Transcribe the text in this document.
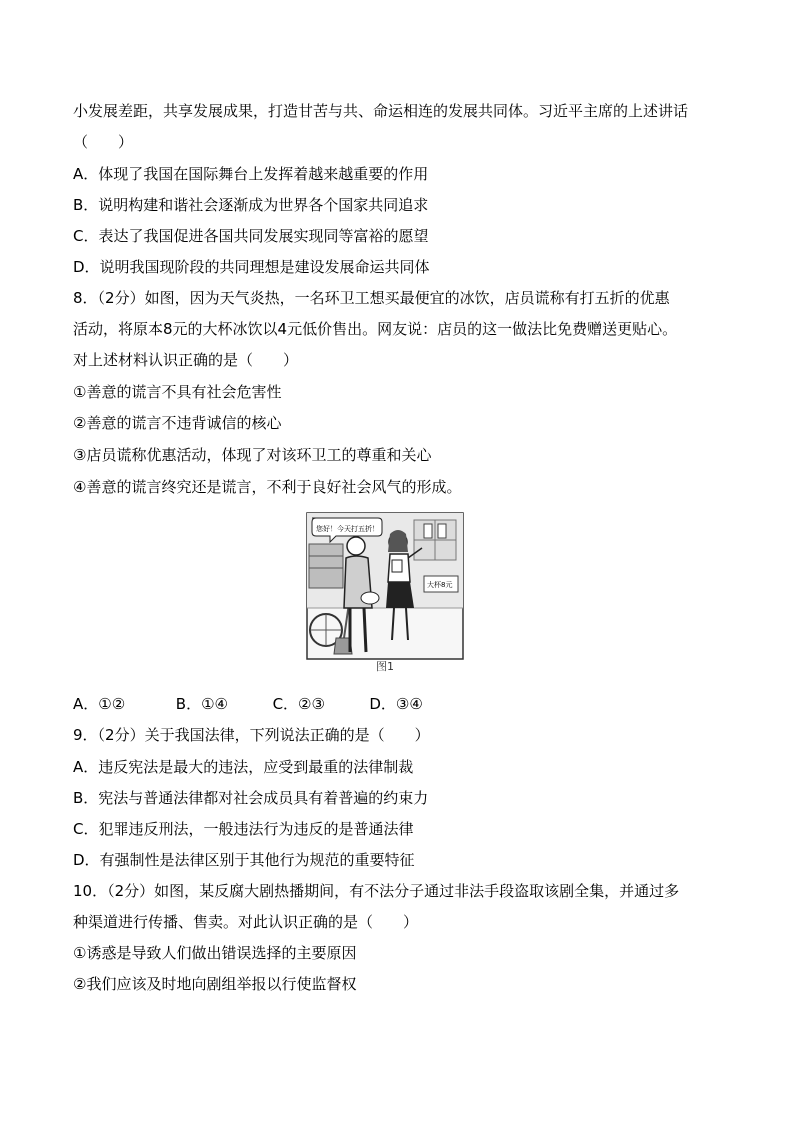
小发展差距，共享发展成果，打造甘苦与共、命运相连的发展共同体。习近平主席的上述讲话
（　　）
A．体现了我国在国际舞台上发挥着越来越重要的作用
B．说明构建和谐社会逐渐成为世界各个国家共同追求
C．表达了我国促进各国共同发展实现同等富裕的愿望
D．说明我国现阶段的共同理想是建设发展命运共同体
8．（2分）如图，因为天气炎热，一名环卫工想买最便宜的冰饮，店员谎称有打五折的优惠
活动，将原本8元的大杯冰饮以4元低价售出。网友说：店员的这一做法比免费赠送更贴心。
对上述材料认识正确的是（　　）
①善意的谎言不具有社会危害性
②善意的谎言不违背诚信的核心
③店员谎称优惠活动，体现了对该环卫工的尊重和关心
④善意的谎言终究还是谎言，不利于良好社会风气的形成。
您好！今天打五折！
大杯8元
图1
A．①②	B．①④	C．②③	D．③④
9．（2分）关于我国法律，下列说法正确的是（　　）
A．违反宪法是最大的违法，应受到最重的法律制裁
B．宪法与普通法律都对社会成员具有着普遍的约束力
C．犯罪违反刑法，一般违法行为违反的是普通法律
D．有强制性是法律区别于其他行为规范的重要特征
10．（2分）如图，某反腐大剧热播期间，有不法分子通过非法手段盗取该剧全集，并通过多
种渠道进行传播、售卖。对此认识正确的是（　　）
①诱惑是导致人们做出错误选择的主要原因
②我们应该及时地向剧组举报以行使监督权
